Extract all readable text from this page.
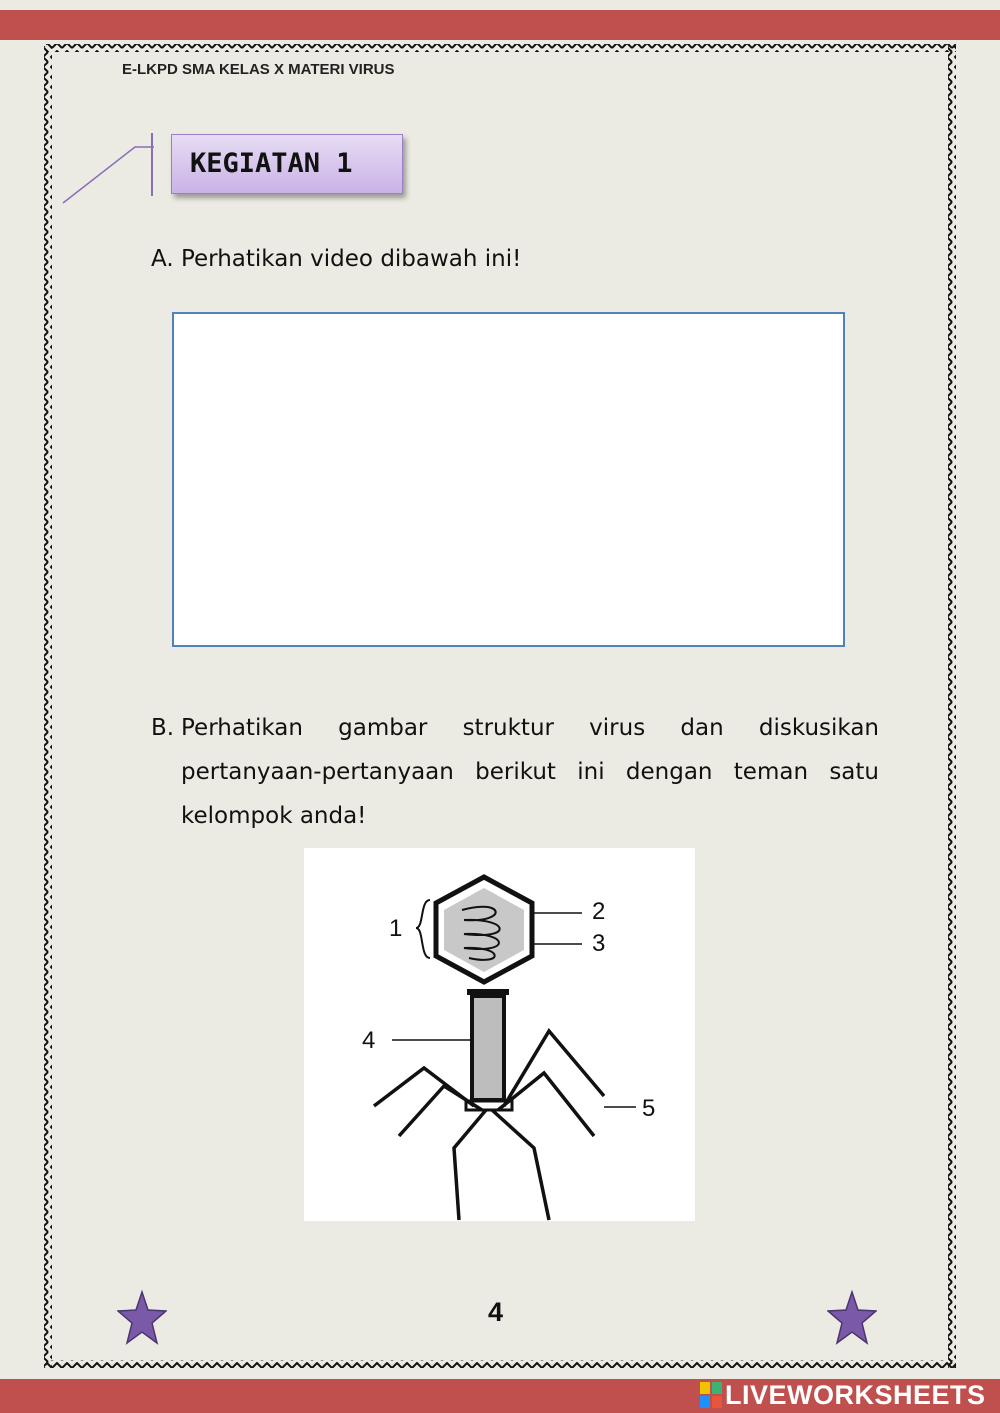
E-LKPD SMA KELAS X MATERI VIRUS
KEGIATAN 1
A. Perhatikan video dibawah ini!
B. Perhatikan gambar struktur virus dan diskusikan pertanyaan-pertanyaan berikut ini dengan teman satu kelompok anda!
1
2
3
4
5
4
LIVEWORKSHEETS
